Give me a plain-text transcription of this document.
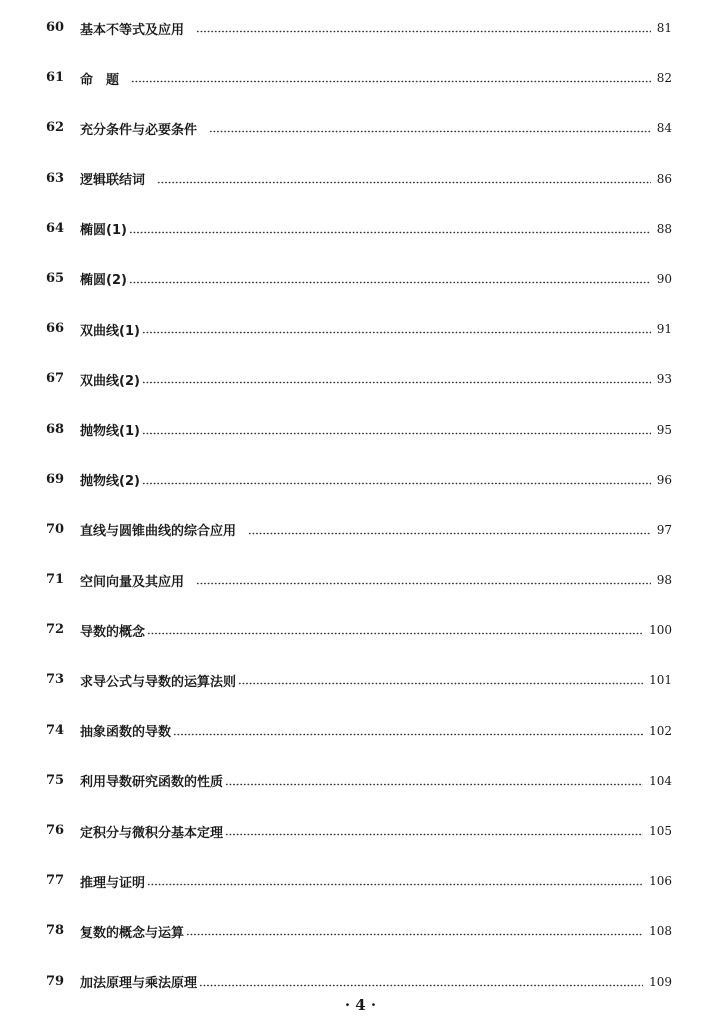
60 基本不等式及应用	81
61 命　题	82
62 充分条件与必要条件	84
63 逻辑联结词	86
64 椭圆(1)	88
65 椭圆(2)	90
66 双曲线(1)	91
67 双曲线(2)	93
68 抛物线(1)	95
69 抛物线(2)	96
70 直线与圆锥曲线的综合应用	97
71 空间向量及其应用	98
72 导数的概念	100
73 求导公式与导数的运算法则	101
74 抽象函数的导数	102
75 利用导数研究函数的性质	104
76 定积分与微积分基本定理	105
77 推理与证明	106
78 复数的概念与运算	108
79 加法原理与乘法原理	109
· 4 ·
